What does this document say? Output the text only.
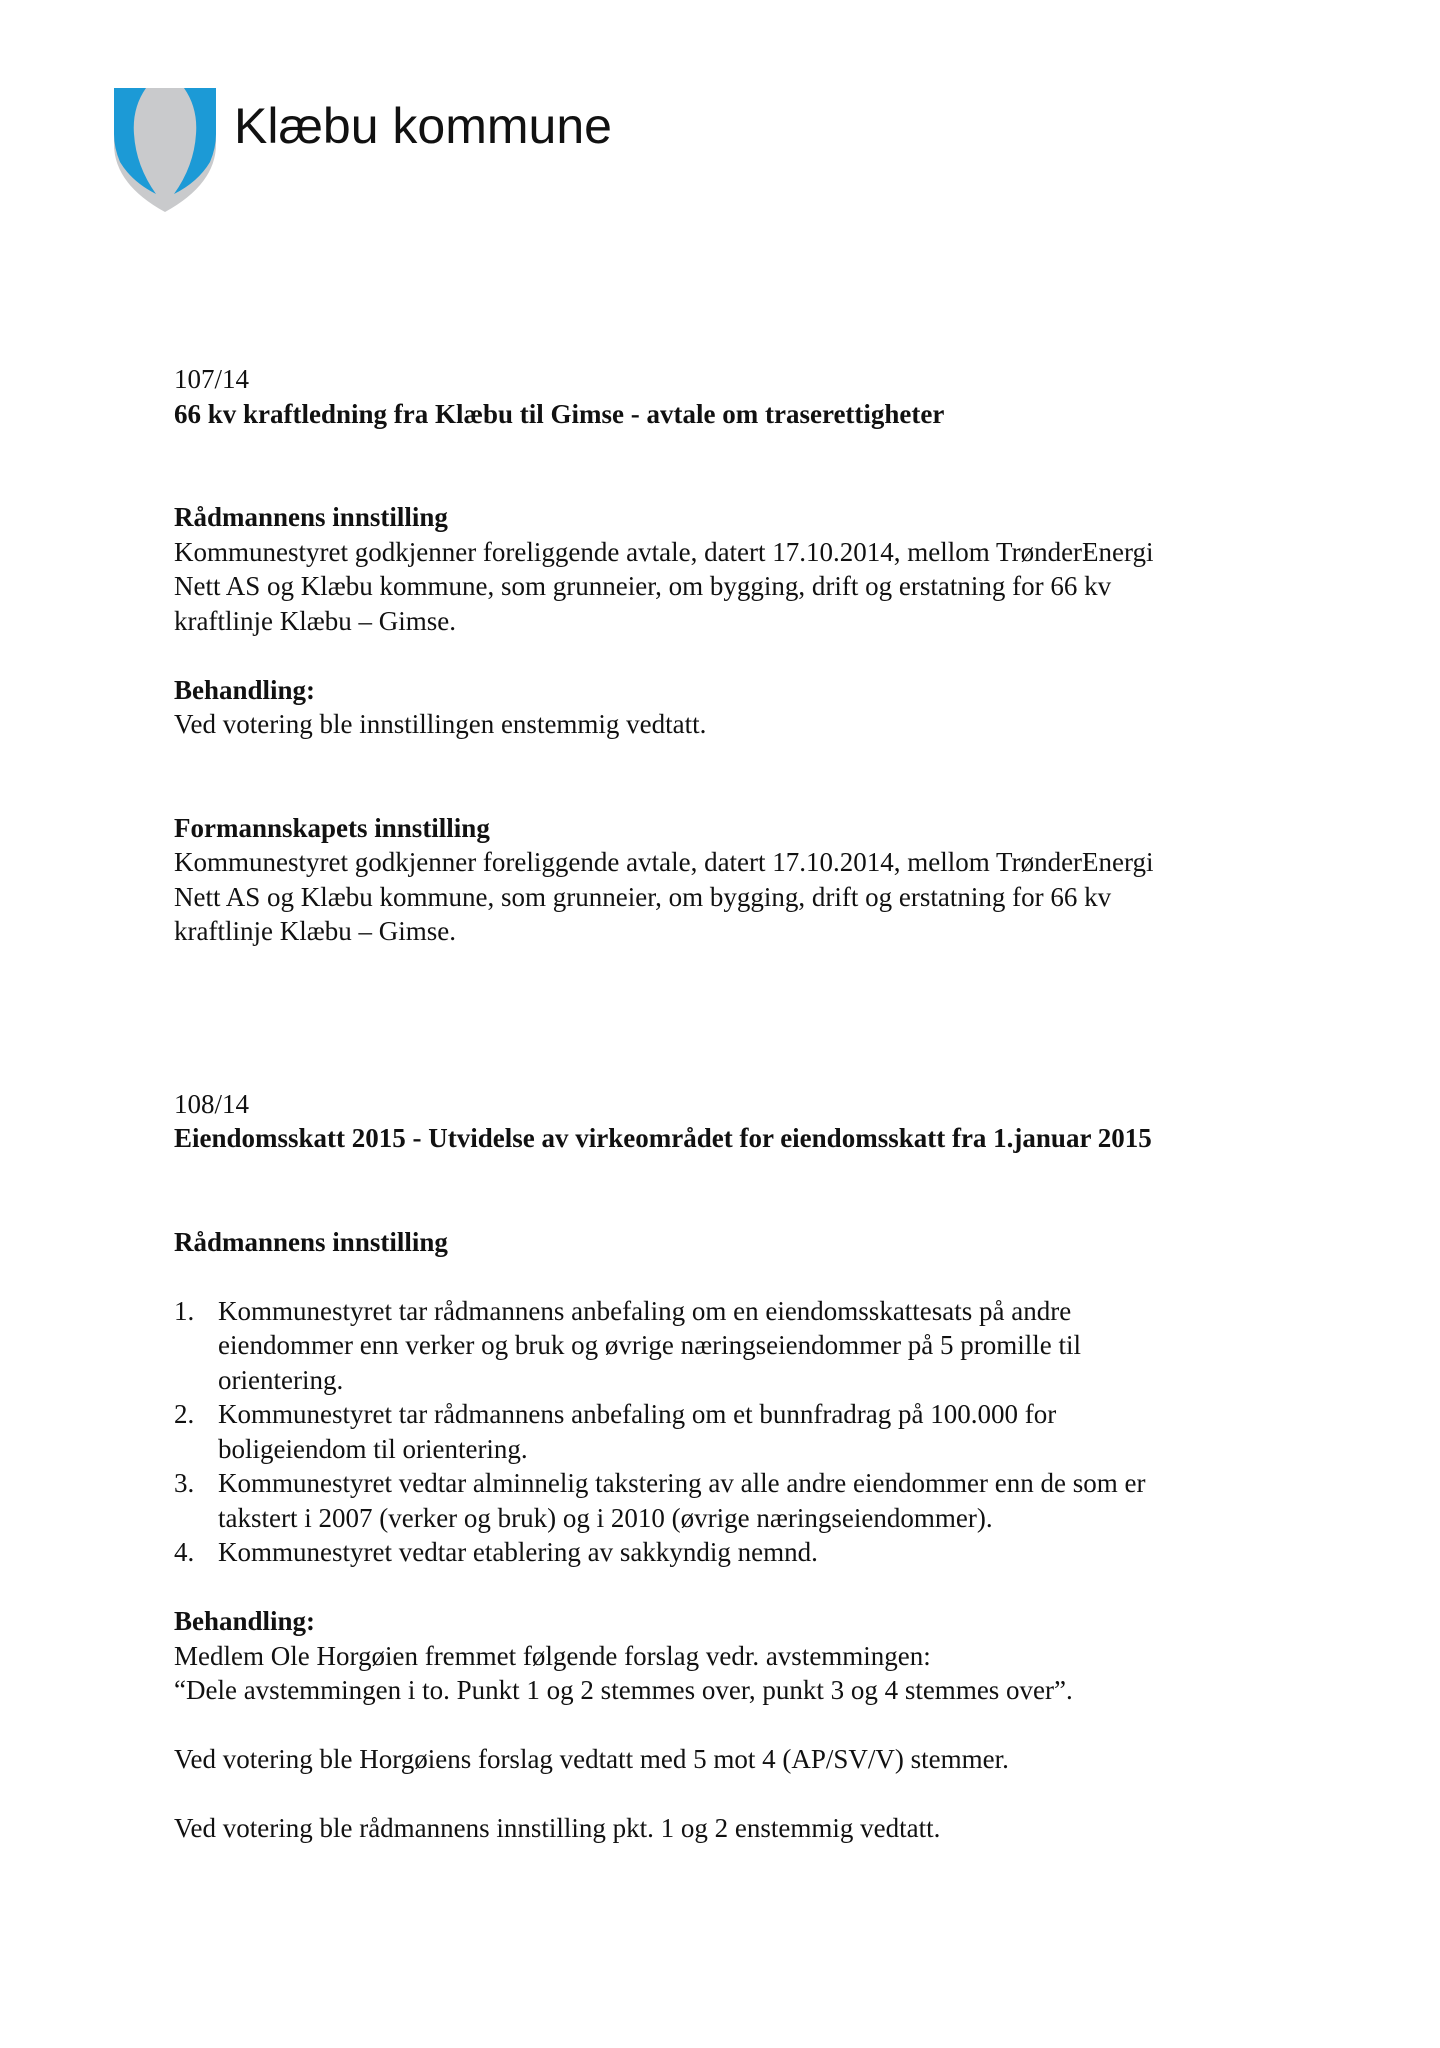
Klæbu kommune

107/14

66 kv kraftledning fra Klæbu til Gimse - avtale om traserettigheter

Rådmannens innstilling

Kommunestyret godkjenner foreliggende avtale, datert 17.10.2014, mellom TrønderEnergi

Nett AS og Klæbu kommune, som grunneier, om bygging, drift og erstatning for 66 kv

kraftlinje Klæbu – Gimse.

Behandling:

Ved votering ble innstillingen enstemmig vedtatt.

Formannskapets innstilling

Kommunestyret godkjenner foreliggende avtale, datert 17.10.2014, mellom TrønderEnergi

Nett AS og Klæbu kommune, som grunneier, om bygging, drift og erstatning for 66 kv

kraftlinje Klæbu – Gimse.

108/14

Eiendomsskatt 2015 - Utvidelse av virkeområdet for eiendomsskatt fra 1.januar 2015

Rådmannens innstilling

1. Kommunestyret tar rådmannens anbefaling om en eiendomsskattesats på andre

eiendommer enn verker og bruk og øvrige næringseiendommer på 5 promille til

orientering.

2. Kommunestyret tar rådmannens anbefaling om et bunnfradrag på 100.000 for

boligeiendom til orientering.

3. Kommunestyret vedtar alminnelig takstering av alle andre eiendommer enn de som er

takstert i 2007 (verker og bruk) og i 2010 (øvrige næringseiendommer).

4. Kommunestyret vedtar etablering av sakkyndig nemnd.

Behandling:

Medlem Ole Horgøien fremmet følgende forslag vedr. avstemmingen:

“Dele avstemmingen i to. Punkt 1 og 2 stemmes over, punkt 3 og 4 stemmes over”.

Ved votering ble Horgøiens forslag vedtatt med 5 mot 4 (AP/SV/V) stemmer.

Ved votering ble rådmannens innstilling pkt. 1 og 2 enstemmig vedtatt.
